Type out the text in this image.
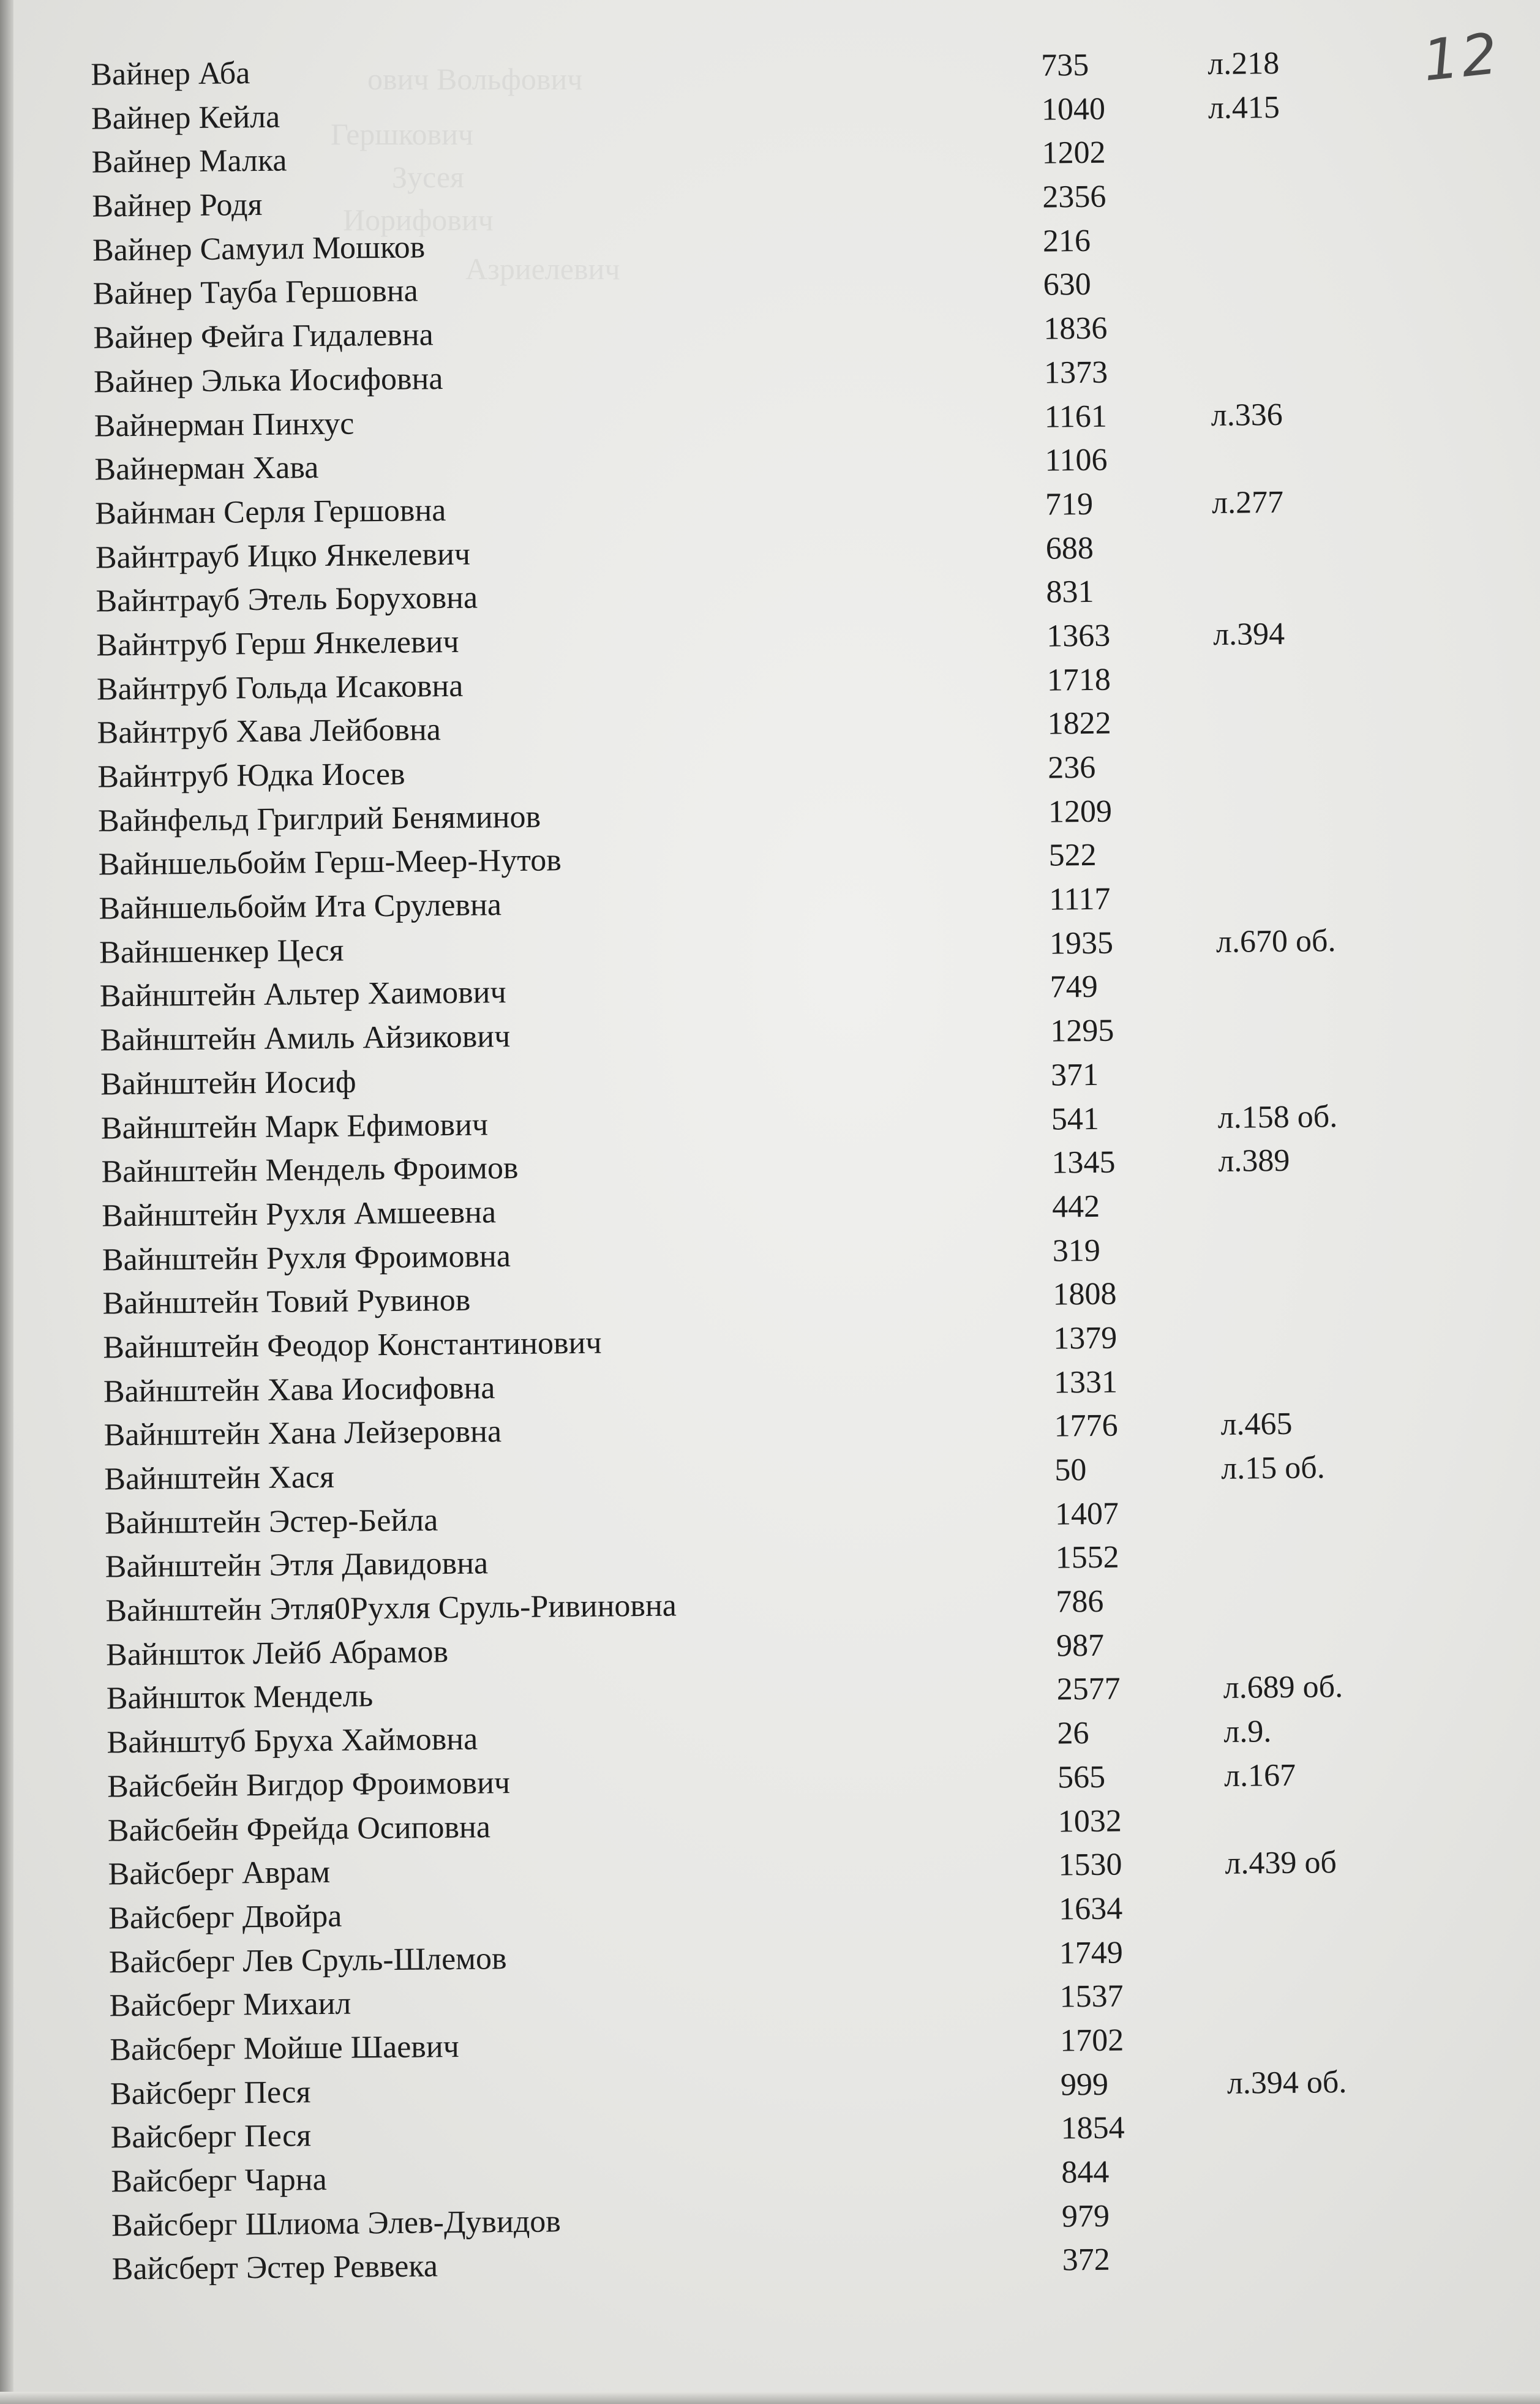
ович Вольфович
Гершкович
Зусея
Иорифович
Азриелевич
12
Вайнер Аба	735	л.218
Вайнер Кейла	1040	л.415
Вайнер Малка	1202
Вайнер Родя	2356
Вайнер Самуил Мошков	216
Вайнер Тауба Гершовна	630
Вайнер Фейга Гидалевна	1836
Вайнер Элька Иосифовна	1373
Вайнерман Пинхус	1161	л.336
Вайнерман Хава	1106
Вайнман Серля Гершовна	719	л.277
Вайнтрауб Ицко Янкелевич	688
Вайнтрауб Этель Боруховна	831
Вайнтруб Герш Янкелевич	1363	л.394
Вайнтруб Гольда Исаковна	1718
Вайнтруб Хава Лейбовна	1822
Вайнтруб Юдка Иосев	236
Вайнфельд Григлрий Беняминов	1209
Вайншельбойм Герш-Меер-Нутов	522
Вайншельбойм Ита Срулевна	1117
Вайншенкер Цеся	1935	л.670 об.
Вайнштейн Альтер Хаимович	749
Вайнштейн Амиль Айзикович	1295
Вайнштейн Иосиф	371
Вайнштейн Марк Ефимович	541	л.158 об.
Вайнштейн Мендель Фроимов	1345	л.389
Вайнштейн Рухля Амшеевна	442
Вайнштейн Рухля Фроимовна	319
Вайнштейн Товий Рувинов	1808
Вайнштейн Феодор Константинович	1379
Вайнштейн Хава Иосифовна	1331
Вайнштейн Хана Лейзеровна	1776	л.465
Вайнштейн Хася	50	л.15 об.
Вайнштейн Эстер-Бейла	1407
Вайнштейн Этля Давидовна	1552
Вайнштейн Этля0Рухля Сруль-Ривиновна	786
Вайншток Лейб Абрамов	987
Вайншток Мендель	2577	л.689 об.
Вайнштуб Бруха Хаймовна	26	л.9.
Вайсбейн Вигдор Фроимович	565	л.167
Вайсбейн Фрейда Осиповна	1032
Вайсберг Аврам	1530	л.439 об
Вайсберг Двойра	1634
Вайсберг Лев Сруль-Шлемов	1749
Вайсберг Михаил	1537
Вайсберг Мойше Шаевич	1702
Вайсберг Песя	999	л.394 об.
Вайсберг Песя	1854
Вайсберг Чарна	844
Вайсберг Шлиома Элев-Дувидов	979
Вайсберт Эстер Реввека	372
